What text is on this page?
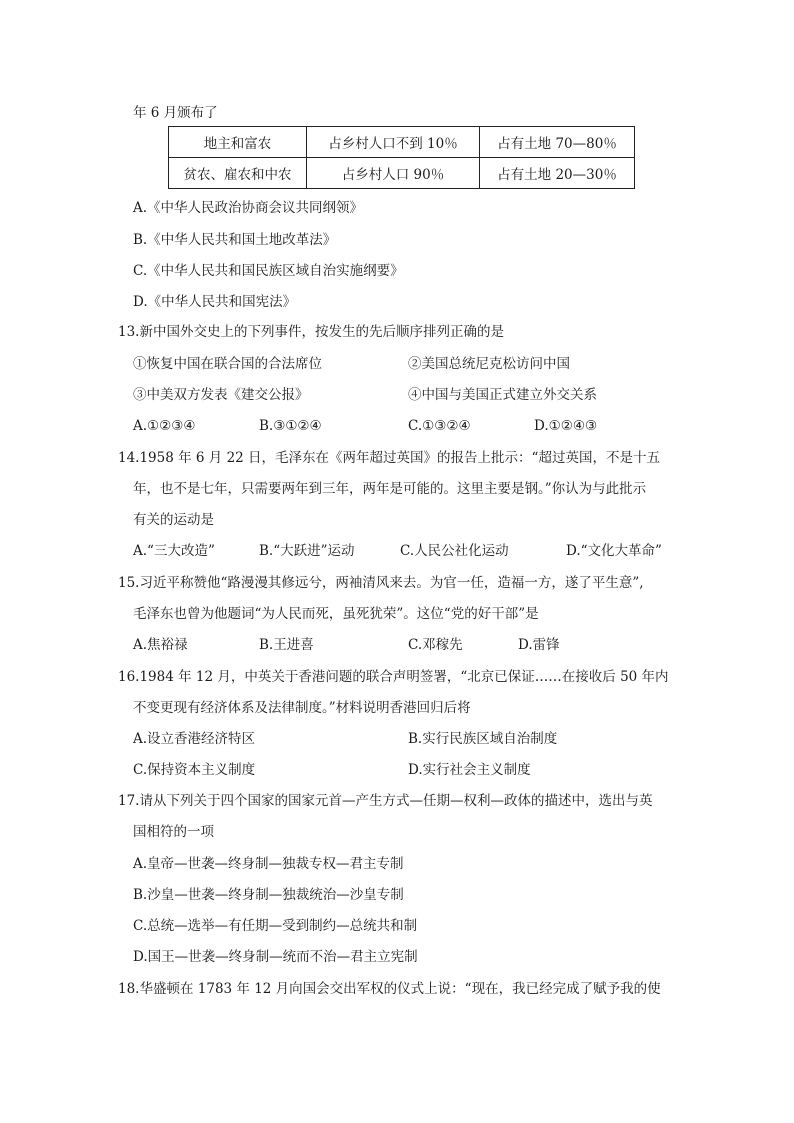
年 6 月颁布了
地主和富农	占乡村人口不到 10％	占有土地 70—80％
贫农、雇农和中农	占乡村人口 90％	占有土地 20—30％
A.《中华人民政治协商会议共同纲领》
B.《中华人民共和国土地改革法》
C.《中华人民共和国民族区域自治实施纲要》
D.《中华人民共和国宪法》
13.新中国外交史上的下列事件，按发生的先后顺序排列正确的是
①恢复中国在联合国的合法席位	②美国总统尼克松访问中国
③中美双方发表《建交公报》	④中国与美国正式建立外交关系
A.①②③④	B.③①②④	C.①③②④	D.①②④③
14.1958 年 6 月 22 日，毛泽东在《两年超过英国》的报告上批示：“超过英国，不是十五
年，也不是七年，只需要两年到三年，两年是可能的。这里主要是钢。”你认为与此批示
有关的运动是
A.“三大改造”	B.“大跃进”运动	C.人民公社化运动	D.“文化大革命”
15.习近平称赞他“路漫漫其修远兮，两袖清风来去。为官一任，造福一方，遂了平生意”,
毛泽东也曾为他题词“为人民而死，虽死犹荣”。这位“党的好干部”是
A.焦裕禄	B.王进喜	C.邓稼先	D.雷锋
16.1984 年 12 月，中英关于香港问题的联合声明签署，“北京已保证……在接收后 50 年内
不变更现有经济体系及法律制度。”材料说明香港回归后将
A.设立香港经济特区	B.实行民族区域自治制度
C.保持资本主义制度	D.实行社会主义制度
17.请从下列关于四个国家的国家元首—产生方式—任期—权利—政体的描述中，选出与英
国相符的一项
A.皇帝—世袭—终身制—独裁专权—君主专制
B.沙皇—世袭—终身制—独裁统治—沙皇专制
C.总统—选举—有任期—受到制约—总统共和制
D.国王—世袭—终身制—统而不治—君主立宪制
18.华盛顿在 1783 年 12 月向国会交出军权的仪式上说：“现在，我已经完成了赋予我的使
